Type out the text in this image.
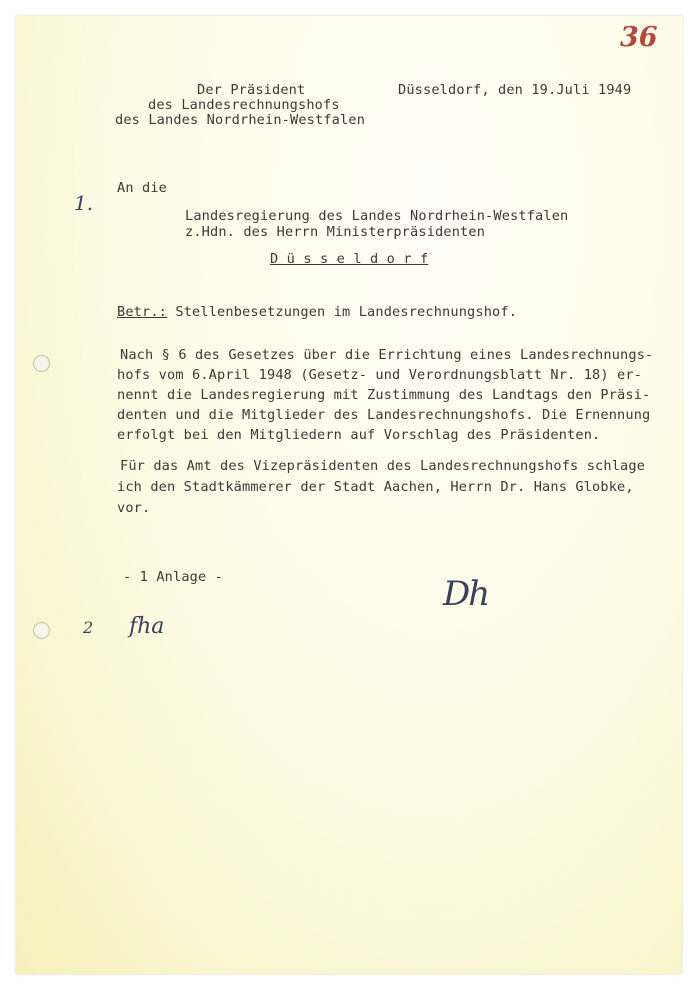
36
Der Präsident
des Landesrechnungshofs
des Landes Nordrhein-Westfalen
Düsseldorf, den 19.Juli 1949
1.
An die
Landesregierung des Landes Nordrhein-Westfalen
z.Hdn. des Herrn Ministerpräsidenten
D ü s s e l d o r f
Betr.: Stellenbesetzungen im Landesrechnungshof.
Nach § 6 des Gesetzes über die Errichtung eines Landesrechnungs-
hofs vom 6.April 1948 (Gesetz- und Verordnungsblatt Nr. 18) er-
nennt die Landesregierung mit Zustimmung des Landtags den Präsi-
denten und die Mitglieder des Landesrechnungshofs. Die Ernennung
erfolgt bei den Mitgliedern auf Vorschlag des Präsidenten.
Für das Amt des Vizepräsidenten des Landesrechnungshofs schlage
ich den Stadtkämmerer der Stadt Aachen, Herrn Dr. Hans Globke,
vor.
- 1 Anlage -	Dh
2 fha
